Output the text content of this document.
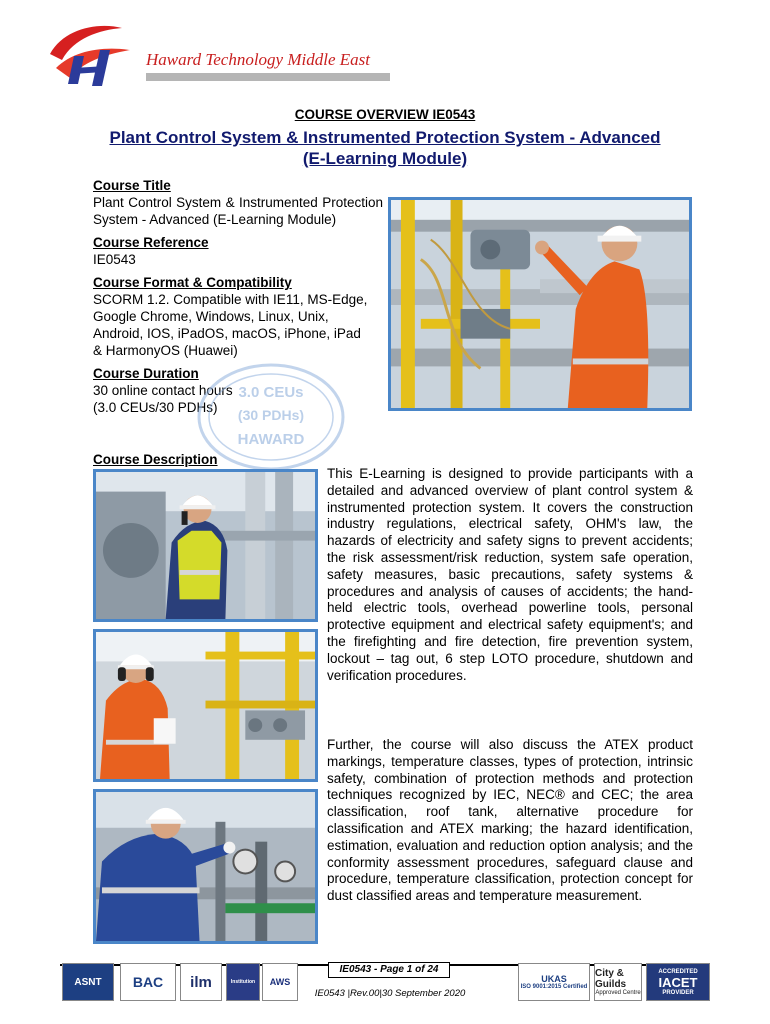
Haward Technology Middle East
COURSE OVERVIEW IE0543
Plant Control System & Instrumented Protection System - Advanced
(E-Learning Module)
Course Title
Plant Control System & Instrumented Protection System - Advanced (E-Learning Module)
Course Reference
IE0543
Course Format & Compatibility
SCORM 1.2. Compatible with IE11, MS-Edge, Google Chrome, Windows, Linux, Unix, Android, IOS, iPadOS, macOS, iPhone, iPad & HarmonyOS (Huawei)
Course Duration
30 online contact hours
(3.0 CEUs/30 PDHs)
3.0 CEUs
(30 PDHs)
HAWARD
Course Description
This E-Learning is designed to provide participants with a detailed and advanced overview of plant control system & instrumented protection system. It covers the construction industry regulations, electrical safety, OHM's law, the hazards of electricity and safety signs to prevent accidents; the risk assessment/risk reduction, system safe operation, safety measures, basic precautions, safety systems & procedures and analysis of causes of accidents; the hand-held electric tools, overhead powerline tools, personal protective equipment and electrical safety equipment's; and the firefighting and fire detection, fire prevention system, lockout – tag out, 6 step LOTO procedure, shutdown and verification procedures.
Further, the course will also discuss the ATEX product markings, temperature classes, types of protection, intrinsic safety, combination of protection methods and protection techniques recognized by IEC, NEC® and CEC; the area classification, roof tank, alternative procedure for classification and ATEX marking; the hazard identification, estimation, evaluation and reduction option analysis; and the conformity assessment procedures, safeguard clause and procedure, temperature classification, protection concept for dust classified areas and temperature measurement.
ASNT	BAC	ilm	Institution	AWS
IE0543 - Page 1 of 24
IE0543 |Rev.00|30 September 2020
UKAS
ISO 9001:2015 Certified
City & Guilds
Approved Centre
ACCREDITED
IACET
PROVIDER
